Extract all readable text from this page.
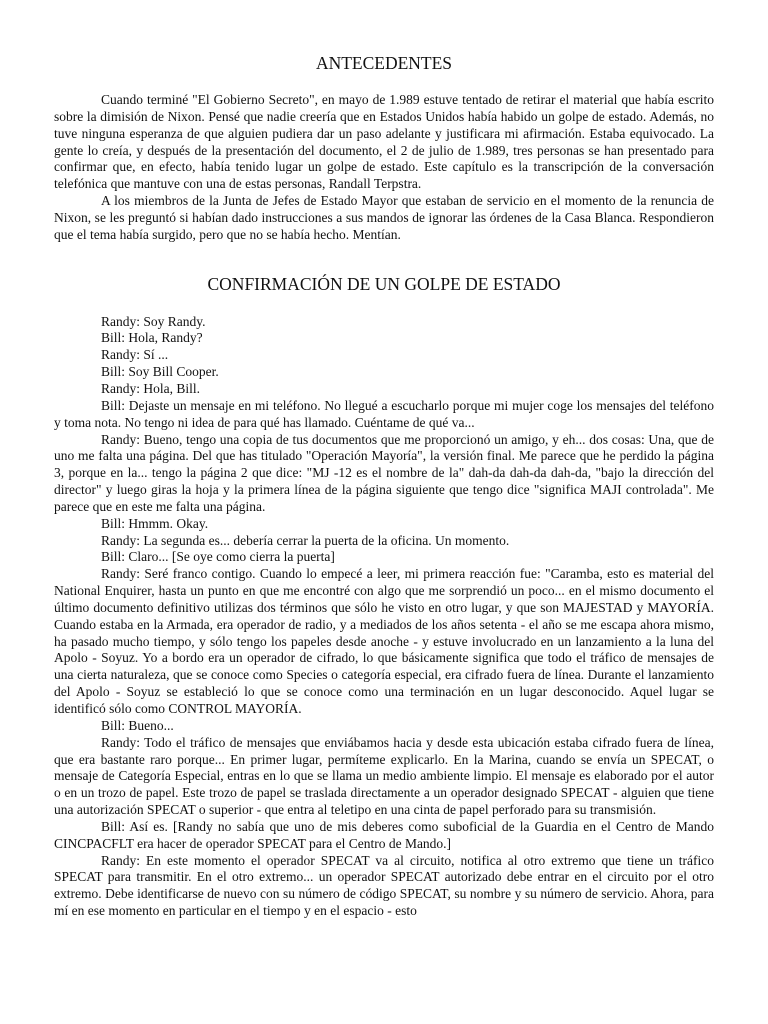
ANTECEDENTES

Cuando terminé "El Gobierno Secreto", en mayo de 1.989 estuve tentado de retirar el material que había escrito sobre la dimisión de Nixon. Pensé que nadie creería que en Estados Unidos había habido un golpe de estado. Además, no tuve ninguna esperanza de que alguien pudiera dar un paso adelante y justificara mi afirmación. Estaba equivocado. La gente lo creía, y después de la presentación del documento, el 2 de julio de 1.989, tres personas se han presentado para confirmar que, en efecto, había tenido lugar un golpe de estado. Este capítulo es la transcripción de la conversación telefónica que mantuve con una de estas personas, Randall Terpstra.

A los miembros de la Junta de Jefes de Estado Mayor que estaban de servicio en el momento de la renuncia de Nixon, se les preguntó si habían dado instrucciones a sus mandos de ignorar las órdenes de la Casa Blanca. Respondieron que el tema había surgido, pero que no se había hecho. Mentían.

CONFIRMACIÓN DE UN GOLPE DE ESTADO

Randy: Soy Randy.

Bill: Hola, Randy?

Randy: Sí ...

Bill: Soy Bill Cooper.

Randy: Hola, Bill.

Bill: Dejaste un mensaje en mi teléfono. No llegué a escucharlo porque mi mujer coge los mensajes del teléfono y toma nota. No tengo ni idea de para qué has llamado. Cuéntame de qué va...

Randy: Bueno, tengo una copia de tus documentos que me proporcionó un amigo, y eh... dos cosas: Una, que de uno me falta una página. Del que has titulado "Operación Mayoría", la versión final. Me parece que he perdido la página 3, porque en la... tengo la página 2 que dice: "MJ -12 es el nombre de la" dah-da dah-da dah-da, "bajo la dirección del director" y luego giras la hoja y la primera línea de la página siguiente que tengo dice "significa MAJI controlada". Me parece que en este me falta una página.

Bill: Hmmm. Okay.

Randy: La segunda es... debería cerrar la puerta de la oficina. Un momento.

Bill: Claro... [Se oye como cierra la puerta]

Randy: Seré franco contigo. Cuando lo empecé a leer, mi primera reacción fue: "Caramba, esto es material del National Enquirer, hasta un punto en que me encontré con algo que me sorprendió un poco... en el mismo documento el último documento definitivo utilizas dos términos que sólo he visto en otro lugar, y que son MAJESTAD y MAYORÍA. Cuando estaba en la Armada, era operador de radio, y a mediados de los años setenta - el año se me escapa ahora mismo, ha pasado mucho tiempo, y sólo tengo los papeles desde anoche - y estuve involucrado en un lanzamiento a la luna del Apolo - Soyuz. Yo a bordo era un operador de cifrado, lo que básicamente significa que todo el tráfico de mensajes de una cierta naturaleza, que se conoce como Species o categoría especial, era cifrado fuera de línea. Durante el lanzamiento del Apolo - Soyuz se estableció lo que se conoce como una terminación en un lugar desconocido. Aquel lugar se identificó sólo como CONTROL MAYORÍA.

Bill: Bueno...

Randy: Todo el tráfico de mensajes que enviábamos hacia y desde esta ubicación estaba cifrado fuera de línea, que era bastante raro porque... En primer lugar, permíteme explicarlo. En la Marina, cuando se envía un SPECAT, o mensaje de Categoría Especial, entras en lo que se llama un medio ambiente limpio. El mensaje es elaborado por el autor o en un trozo de papel. Este trozo de papel se traslada directamente a un operador designado SPECAT - alguien que tiene una autorización SPECAT o superior - que entra al teletipo en una cinta de papel perforado para su transmisión.

Bill: Así es. [Randy no sabía que uno de mis deberes como suboficial de la Guardia en el Centro de Mando CINCPACFLT era hacer de operador SPECAT para el Centro de Mando.]

Randy: En este momento el operador SPECAT va al circuito, notifica al otro extremo que tiene un tráfico SPECAT para transmitir. En el otro extremo... un operador SPECAT autorizado debe entrar en el circuito por el otro extremo. Debe identificarse de nuevo con su número de código SPECAT, su nombre y su número de servicio. Ahora, para mí en ese momento en particular en el tiempo y en el espacio - esto
